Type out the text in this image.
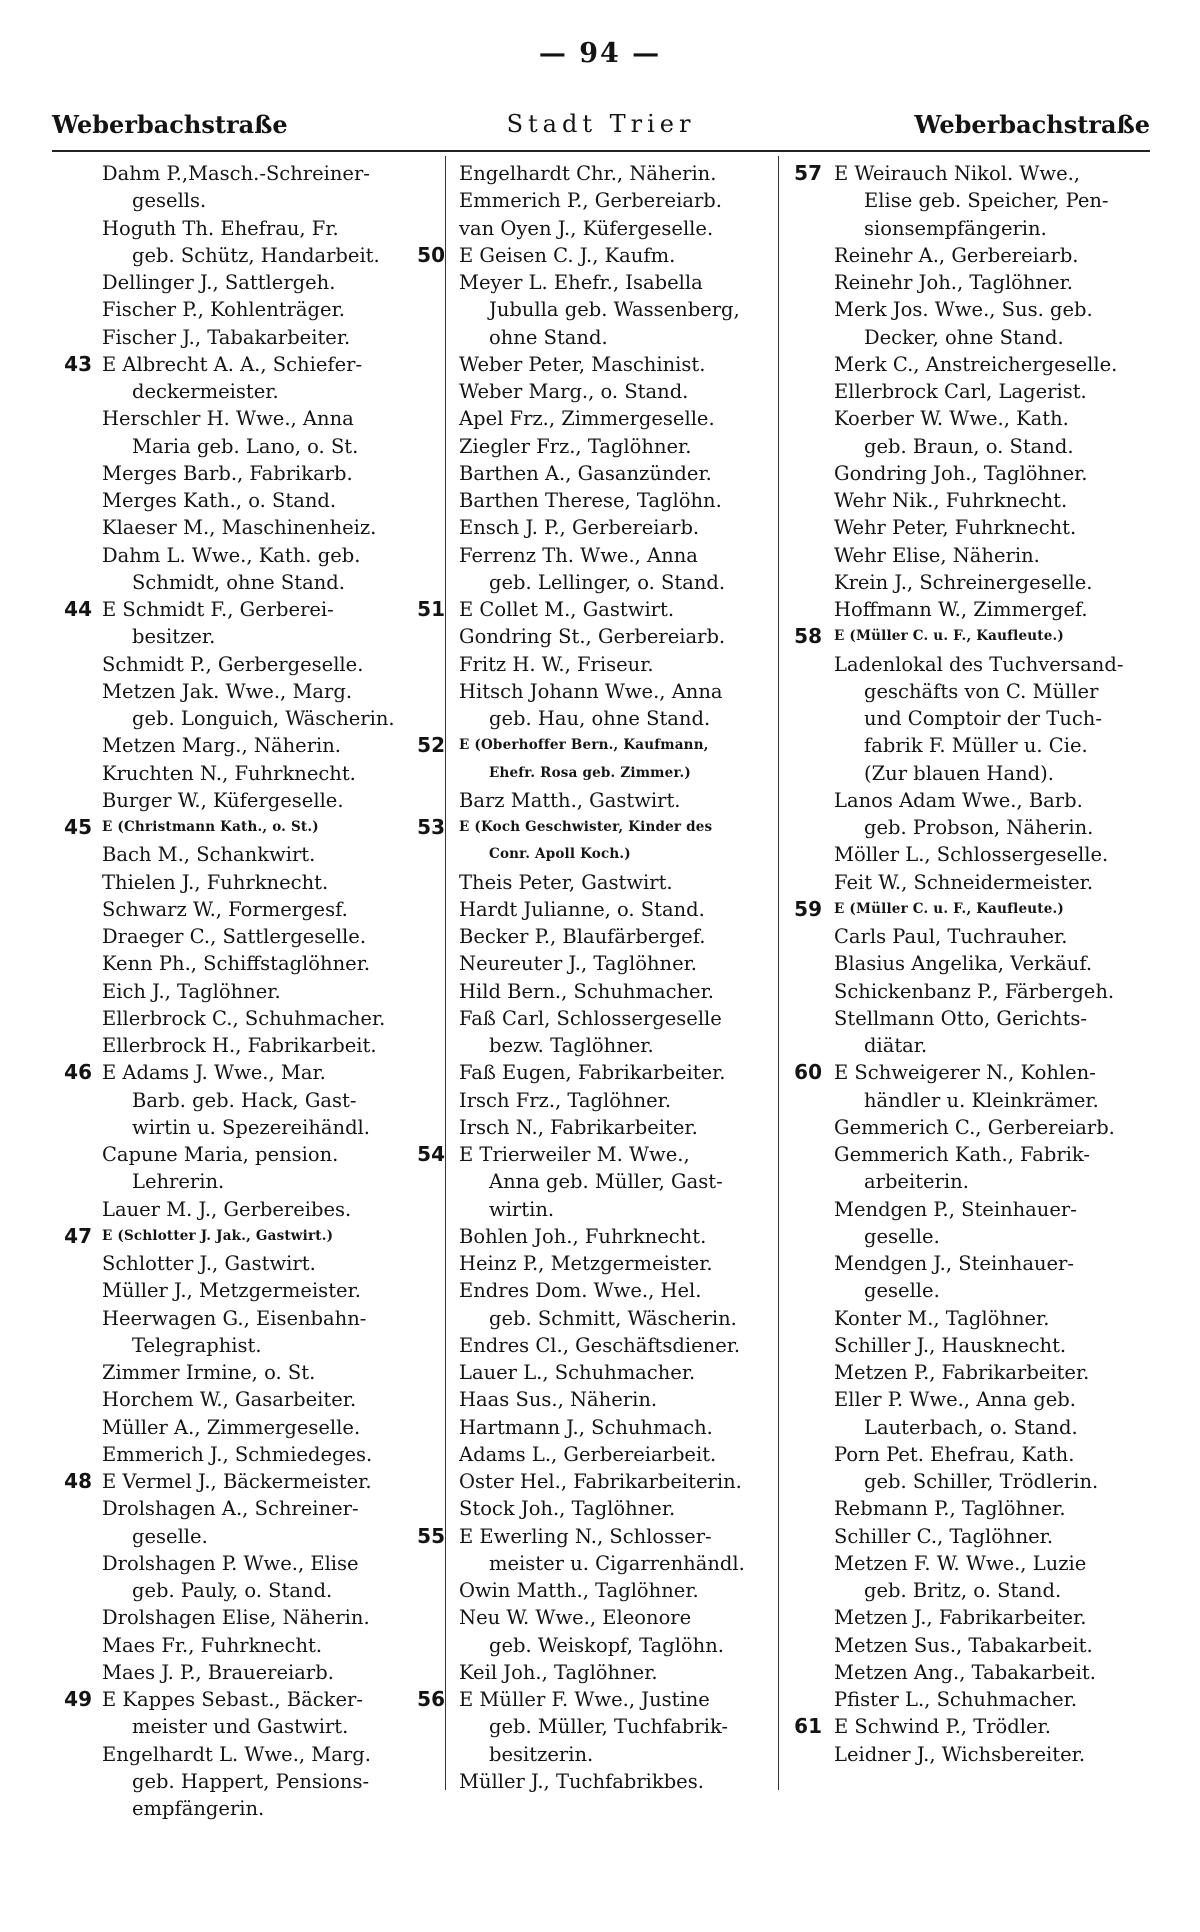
— 94 —
Weberbachstraße	Stadt Trier	Weberbachstraße
Dahm P.,Masch.-Schreiner-
gesells.
Hoguth Th. Ehefrau, Fr.
geb. Schütz, Handarbeit.
Dellinger J., Sattlergeh.
Fischer P., Kohlenträger.
Fischer J., Tabakarbeiter.
43 E Albrecht A. A., Schiefer-
deckermeister.
Herschler H. Wwe., Anna
Maria geb. Lano, o. St.
Merges Barb., Fabrikarb.
Merges Kath., o. Stand.
Klaeser M., Maschinenheiz.
Dahm L. Wwe., Kath. geb.
Schmidt, ohne Stand.
44 E Schmidt F., Gerberei-
besitzer.
Schmidt P., Gerbergeselle.
Metzen Jak. Wwe., Marg.
geb. Longuich, Wäscherin.
Metzen Marg., Näherin.
Kruchten N., Fuhrknecht.
Burger W., Küfergeselle.
45 E (Christmann Kath., o. St.)
Bach M., Schankwirt.
Thielen J., Fuhrknecht.
Schwarz W., Formergesf.
Draeger C., Sattlergeselle.
Kenn Ph., Schiffstaglöhner.
Eich J., Taglöhner.
Ellerbrock C., Schuhmacher.
Ellerbrock H., Fabrikarbeit.
46 E Adams J. Wwe., Mar.
Barb. geb. Hack, Gast-
wirtin u. Spezereihändl.
Capune Maria, pension.
Lehrerin.
Lauer M. J., Gerbereibes.
47 E (Schlotter J. Jak., Gastwirt.)
Schlotter J., Gastwirt.
Müller J., Metzgermeister.
Heerwagen G., Eisenbahn-
Telegraphist.
Zimmer Irmine, o. St.
Horchem W., Gasarbeiter.
Müller A., Zimmergeselle.
Emmerich J., Schmiedeges.
48 E Vermel J., Bäckermeister.
Drolshagen A., Schreiner-
geselle.
Drolshagen P. Wwe., Elise
geb. Pauly, o. Stand.
Drolshagen Elise, Näherin.
Maes Fr., Fuhrknecht.
Maes J. P., Brauereiarb.
49 E Kappes Sebast., Bäcker-
meister und Gastwirt.
Engelhardt L. Wwe., Marg.
geb. Happert, Pensions-
empfängerin.
Engelhardt Chr., Näherin.
Emmerich P., Gerbereiarb.
van Oyen J., Küfergeselle.
50 E Geisen C. J., Kaufm.
Meyer L. Ehefr., Isabella
Jubulla geb. Wassenberg,
ohne Stand.
Weber Peter, Maschinist.
Weber Marg., o. Stand.
Apel Frz., Zimmergeselle.
Ziegler Frz., Taglöhner.
Barthen A., Gasanzünder.
Barthen Therese, Taglöhn.
Ensch J. P., Gerbereiarb.
Ferrenz Th. Wwe., Anna
geb. Lellinger, o. Stand.
51 E Collet M., Gastwirt.
Gondring St., Gerbereiarb.
Fritz H. W., Friseur.
Hitsch Johann Wwe., Anna
geb. Hau, ohne Stand.
52 E (Oberhoffer Bern., Kaufmann,
Ehefr. Rosa geb. Zimmer.)
Barz Matth., Gastwirt.
53 E (Koch Geschwister, Kinder des
Conr. Apoll Koch.)
Theis Peter, Gastwirt.
Hardt Julianne, o. Stand.
Becker P., Blaufärbergef.
Neureuter J., Taglöhner.
Hild Bern., Schuhmacher.
Faß Carl, Schlossergeselle
bezw. Taglöhner.
Faß Eugen, Fabrikarbeiter.
Irsch Frz., Taglöhner.
Irsch N., Fabrikarbeiter.
54 E Trierweiler M. Wwe.,
Anna geb. Müller, Gast-
wirtin.
Bohlen Joh., Fuhrknecht.
Heinz P., Metzgermeister.
Endres Dom. Wwe., Hel.
geb. Schmitt, Wäscherin.
Endres Cl., Geschäftsdiener.
Lauer L., Schuhmacher.
Haas Sus., Näherin.
Hartmann J., Schuhmach.
Adams L., Gerbereiarbeit.
Oster Hel., Fabrikarbeiterin.
Stock Joh., Taglöhner.
55 E Ewerling N., Schlosser-
meister u. Cigarrenhändl.
Owin Matth., Taglöhner.
Neu W. Wwe., Eleonore
geb. Weiskopf, Taglöhn.
Keil Joh., Taglöhner.
56 E Müller F. Wwe., Justine
geb. Müller, Tuchfabrik-
besitzerin.
Müller J., Tuchfabrikbes.
57 E Weirauch Nikol. Wwe.,
Elise geb. Speicher, Pen-
sionsempfängerin.
Reinehr A., Gerbereiarb.
Reinehr Joh., Taglöhner.
Merk Jos. Wwe., Sus. geb.
Decker, ohne Stand.
Merk C., Anstreichergeselle.
Ellerbrock Carl, Lagerist.
Koerber W. Wwe., Kath.
geb. Braun, o. Stand.
Gondring Joh., Taglöhner.
Wehr Nik., Fuhrknecht.
Wehr Peter, Fuhrknecht.
Wehr Elise, Näherin.
Krein J., Schreinergeselle.
Hoffmann W., Zimmergef.
58 E (Müller C. u. F., Kaufleute.)
Ladenlokal des Tuchversand-
geschäfts von C. Müller
und Comptoir der Tuch-
fabrik F. Müller u. Cie.
(Zur blauen Hand).
Lanos Adam Wwe., Barb.
geb. Probson, Näherin.
Möller L., Schlossergeselle.
Feit W., Schneidermeister.
59 E (Müller C. u. F., Kaufleute.)
Carls Paul, Tuchrauher.
Blasius Angelika, Verkäuf.
Schickenbanz P., Färbergeh.
Stellmann Otto, Gerichts-
diätar.
60 E Schweigerer N., Kohlen-
händler u. Kleinkrämer.
Gemmerich C., Gerbereiarb.
Gemmerich Kath., Fabrik-
arbeiterin.
Mendgen P., Steinhauer-
geselle.
Mendgen J., Steinhauer-
geselle.
Konter M., Taglöhner.
Schiller J., Hausknecht.
Metzen P., Fabrikarbeiter.
Eller P. Wwe., Anna geb.
Lauterbach, o. Stand.
Porn Pet. Ehefrau, Kath.
geb. Schiller, Trödlerin.
Rebmann P., Taglöhner.
Schiller C., Taglöhner.
Metzen F. W. Wwe., Luzie
geb. Britz, o. Stand.
Metzen J., Fabrikarbeiter.
Metzen Sus., Tabakarbeit.
Metzen Ang., Tabakarbeit.
Pfister L., Schuhmacher.
61 E Schwind P., Trödler.
Leidner J., Wichsbereiter.
